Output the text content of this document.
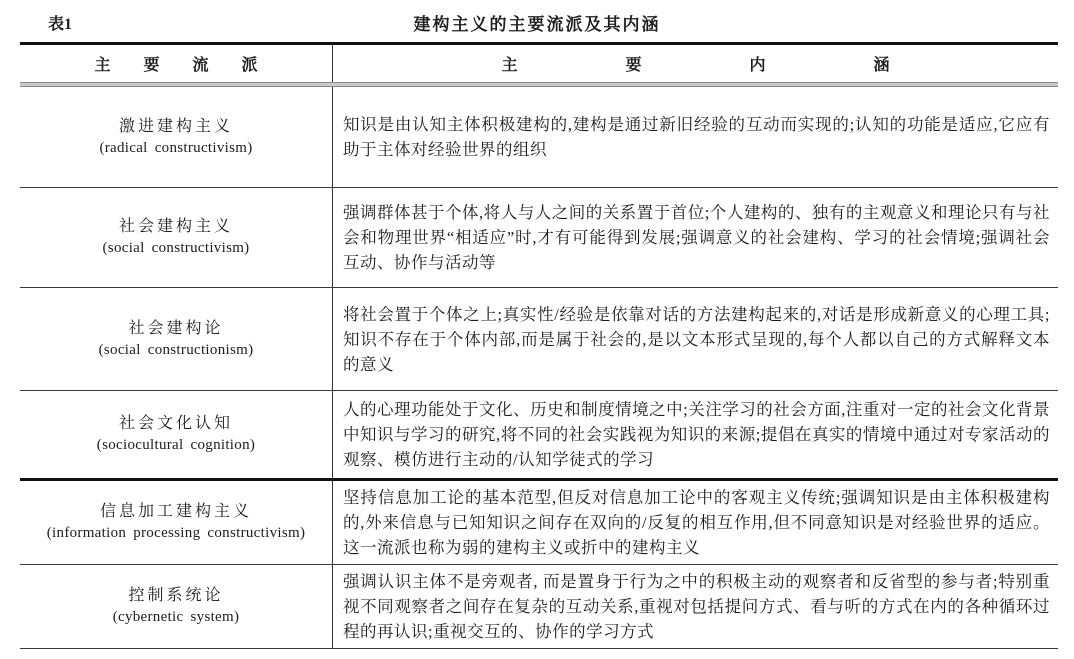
表1	建构主义的主要流派及其内涵
主要流派	主要内涵
激进建构主义
(radical constructivism)
知识是由认知主体积极建构的,建构是通过新旧经验的互动而实现的;认知的功能是适应,它应有助于主体对经验世界的组织
社会建构主义
(social constructivism)
强调群体甚于个体,将人与人之间的关系置于首位;个人建构的、独有的主观意义和理论只有与社会和物理世界“相适应”时,才有可能得到发展;强调意义的社会建构、学习的社会情境;强调社会互动、协作与活动等
社会建构论
(social constructionism)
将社会置于个体之上;真实性/经验是依靠对话的方法建构起来的,对话是形成新意义的心理工具;知识不存在于个体内部,而是属于社会的,是以文本形式呈现的,每个人都以自己的方式解释文本的意义
社会文化认知
(sociocultural cognition)
人的心理功能处于文化、历史和制度情境之中;关注学习的社会方面,注重对一定的社会文化背景中知识与学习的研究,将不同的社会实践视为知识的来源;提倡在真实的情境中通过对专家活动的观察、模仿进行主动的/认知学徒式的学习
信息加工建构主义
(information processing constructivism)
坚持信息加工论的基本范型,但反对信息加工论中的客观主义传统;强调知识是由主体积极建构的,外来信息与已知知识之间存在双向的/反复的相互作用,但不同意知识是对经验世界的适应。这一流派也称为弱的建构主义或折中的建构主义
控制系统论
(cybernetic system)
强调认识主体不是旁观者, 而是置身于行为之中的积极主动的观察者和反省型的参与者;特别重视不同观察者之间存在复杂的互动关系,重视对包括提问方式、看与听的方式在内的各种循环过程的再认识;重视交互的、协作的学习方式
